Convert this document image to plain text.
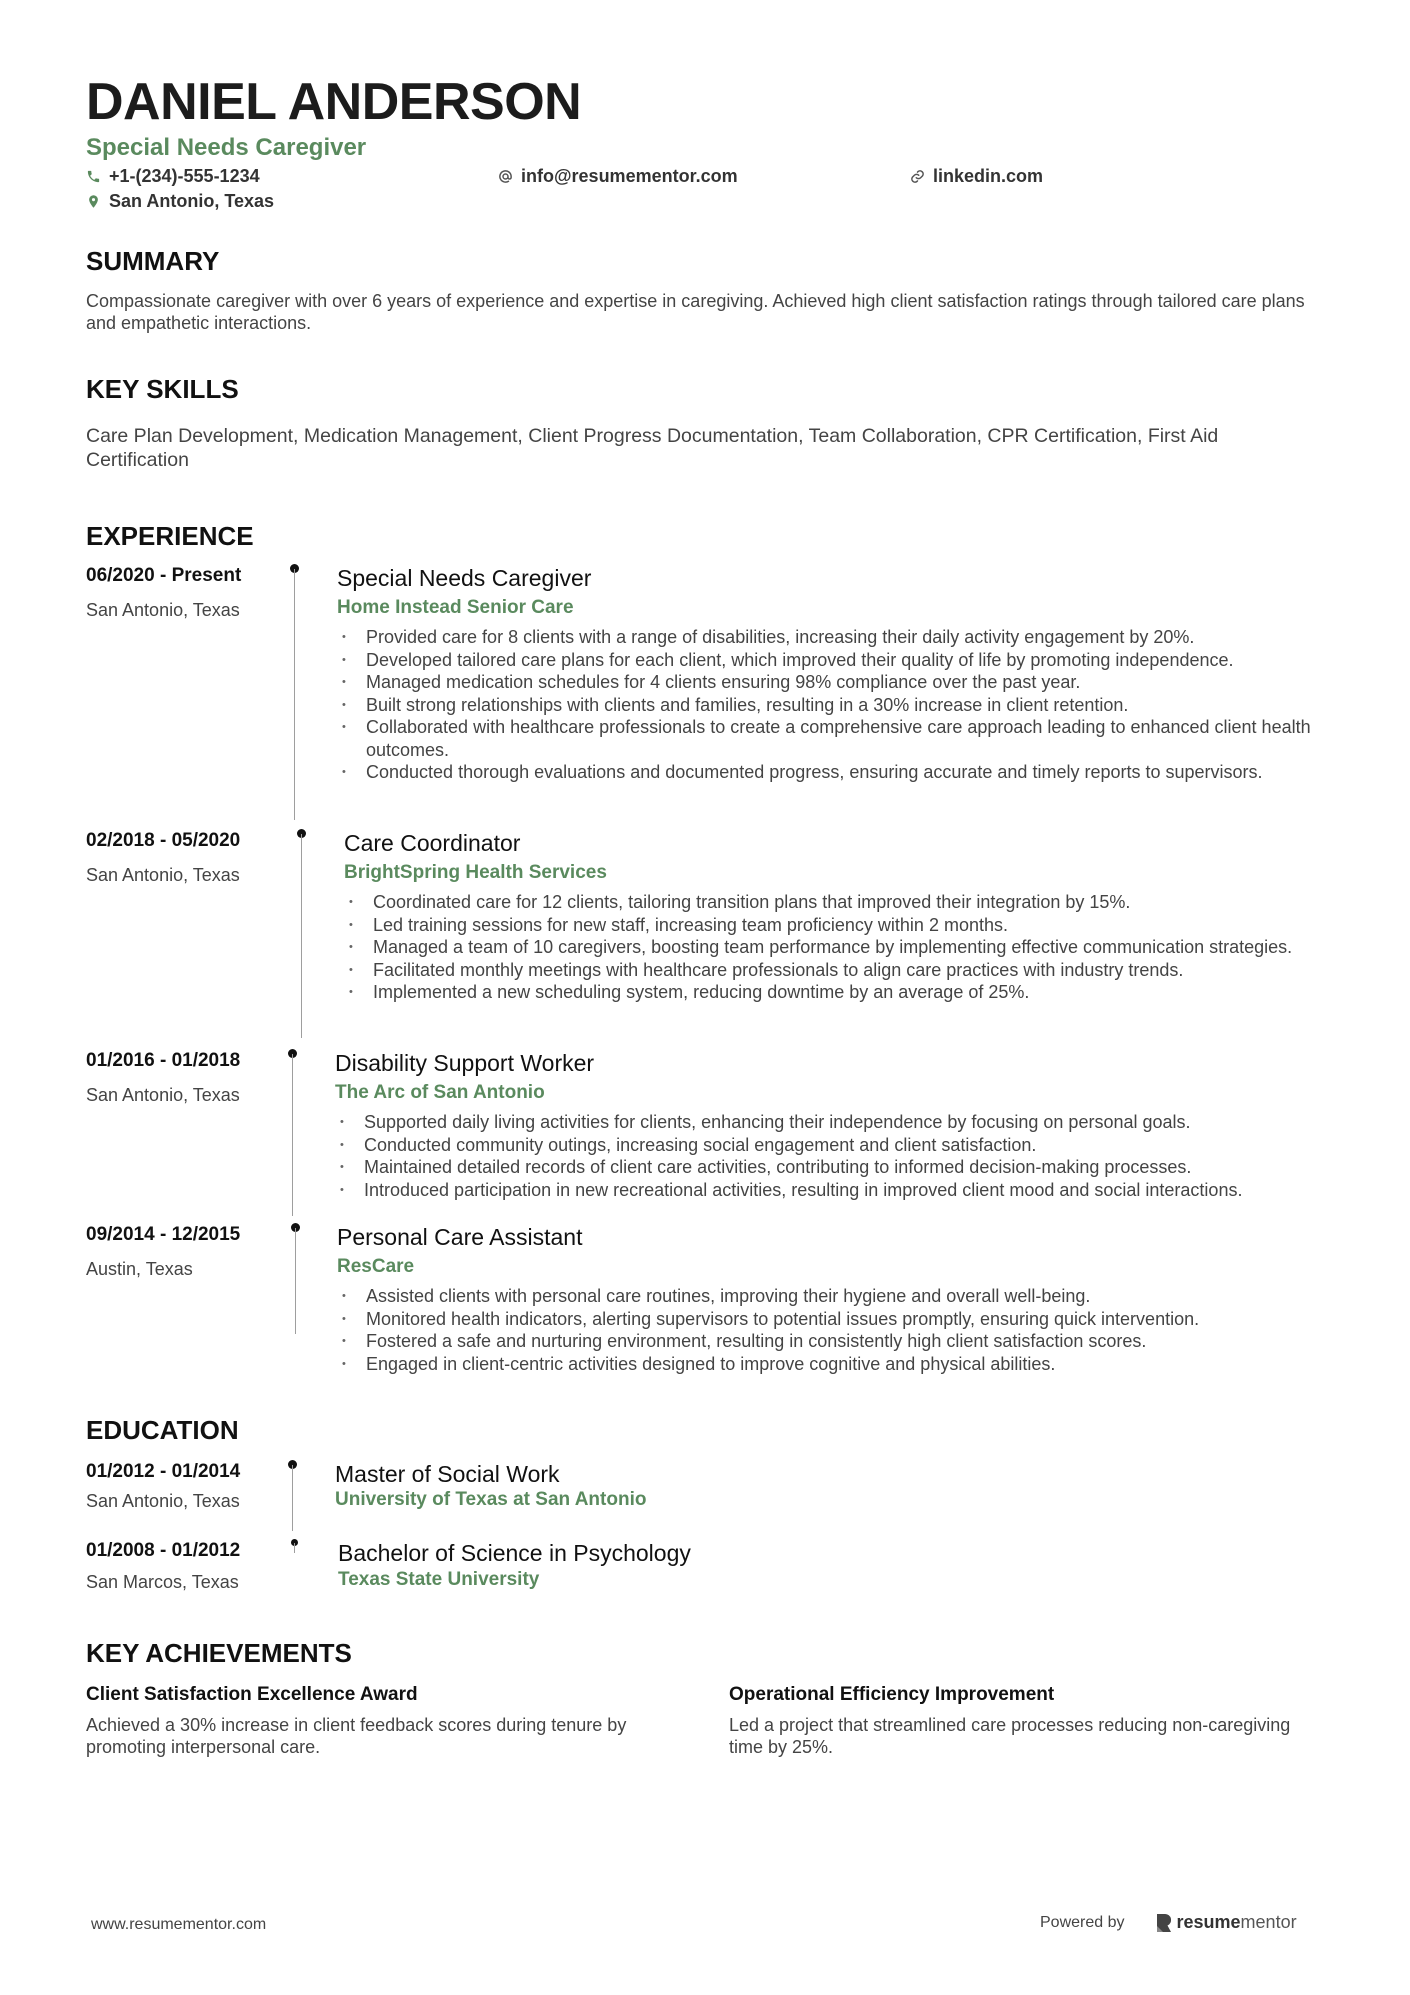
DANIEL ANDERSON
Special Needs Caregiver
+1-(234)-555-1234	info@resumementor.com	linkedin.com
San Antonio, Texas
SUMMARY

Compassionate caregiver with over 6 years of experience and expertise in caregiving. Achieved high client satisfaction ratings through tailored care plans and empathetic interactions.

KEY SKILLS

Care Plan Development, Medication Management, Client Progress Documentation, Team Collaboration, CPR Certification, First Aid Certification

EXPERIENCE
06/2020 - Present
San Antonio, Texas
Special Needs Caregiver
Home Instead Senior Care
• Provided care for 8 clients with a range of disabilities, increasing their daily activity engagement by 20%.
• Developed tailored care plans for each client, which improved their quality of life by promoting independence.
• Managed medication schedules for 4 clients ensuring 98% compliance over the past year.
• Built strong relationships with clients and families, resulting in a 30% increase in client retention.
• Collaborated with healthcare professionals to create a comprehensive care approach leading to enhanced client health outcomes.
• Conducted thorough evaluations and documented progress, ensuring accurate and timely reports to supervisors.
02/2018 - 05/2020
San Antonio, Texas
Care Coordinator
BrightSpring Health Services
• Coordinated care for 12 clients, tailoring transition plans that improved their integration by 15%.
• Led training sessions for new staff, increasing team proficiency within 2 months.
• Managed a team of 10 caregivers, boosting team performance by implementing effective communication strategies.
• Facilitated monthly meetings with healthcare professionals to align care practices with industry trends.
• Implemented a new scheduling system, reducing downtime by an average of 25%.
01/2016 - 01/2018
San Antonio, Texas
Disability Support Worker
The Arc of San Antonio
• Supported daily living activities for clients, enhancing their independence by focusing on personal goals.
• Conducted community outings, increasing social engagement and client satisfaction.
• Maintained detailed records of client care activities, contributing to informed decision-making processes.
• Introduced participation in new recreational activities, resulting in improved client mood and social interactions.
09/2014 - 12/2015
Austin, Texas
Personal Care Assistant
ResCare
• Assisted clients with personal care routines, improving their hygiene and overall well-being.
• Monitored health indicators, alerting supervisors to potential issues promptly, ensuring quick intervention.
• Fostered a safe and nurturing environment, resulting in consistently high client satisfaction scores.
• Engaged in client-centric activities designed to improve cognitive and physical abilities.
EDUCATION
01/2012 - 01/2014
San Antonio, Texas
Master of Social Work
University of Texas at San Antonio
01/2008 - 01/2012
San Marcos, Texas
Bachelor of Science in Psychology
Texas State University
KEY ACHIEVEMENTS
Client Satisfaction Excellence Award
Achieved a 30% increase in client feedback scores during tenure by promoting interpersonal care.
Operational Efficiency Improvement
Led a project that streamlined care processes reducing non-caregiving time by 25%.
www.resumementor.com	Powered by	resumementor
